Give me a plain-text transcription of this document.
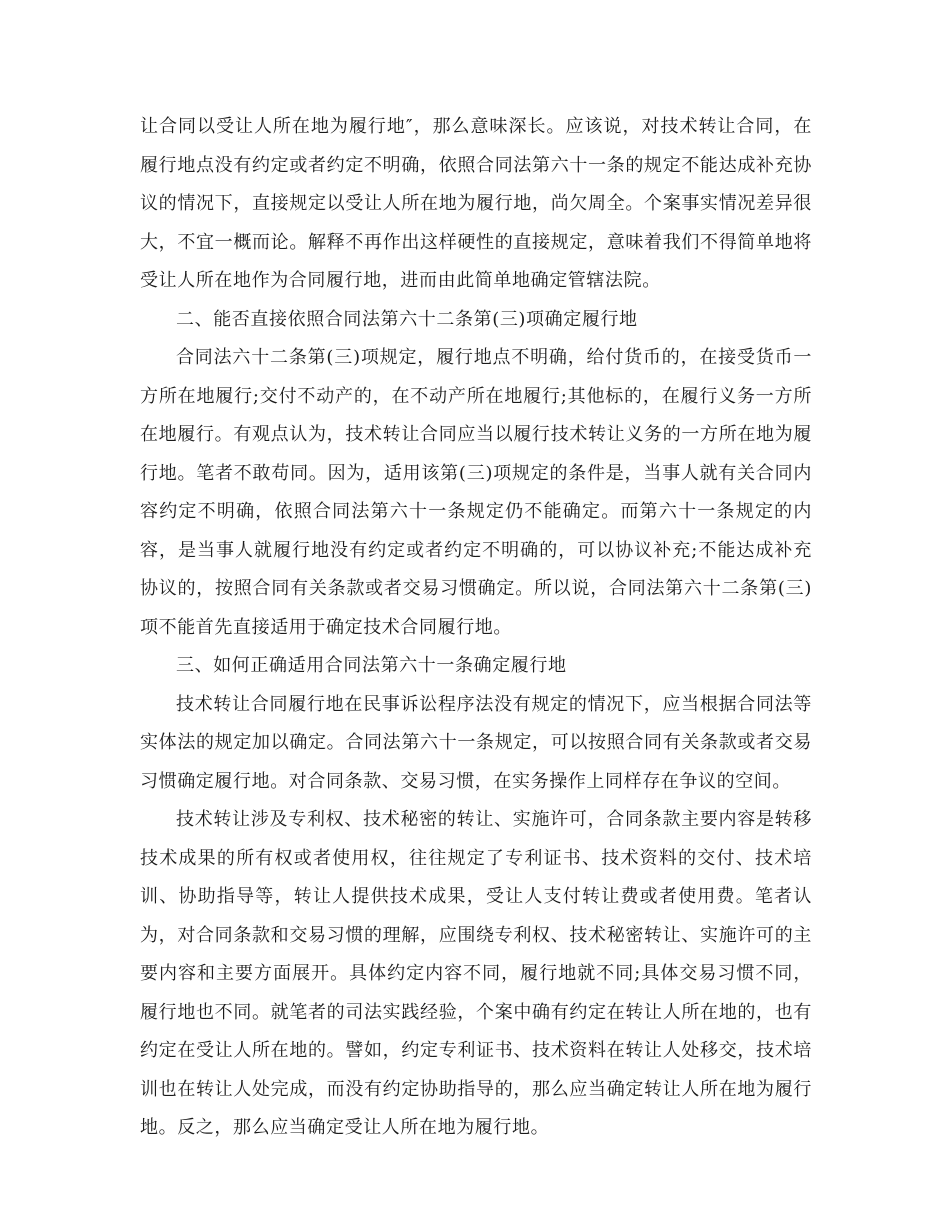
让合同以受让人所在地为履行地″，那么意味深长。应该说，对技术转让合同，在履行地点没有约定或者约定不明确，依照合同法第六十一条的规定不能达成补充协议的情况下，直接规定以受让人所在地为履行地，尚欠周全。个案事实情况差异很大，不宜一概而论。解释不再作出这样硬性的直接规定，意味着我们不得简单地将受让人所在地作为合同履行地，进而由此简单地确定管辖法院。

二、能否直接依照合同法第六十二条第(三)项确定履行地

合同法六十二条第(三)项规定，履行地点不明确，给付货币的，在接受货币一方所在地履行;交付不动产的，在不动产所在地履行;其他标的，在履行义务一方所在地履行。有观点认为，技术转让合同应当以履行技术转让义务的一方所在地为履行地。笔者不敢苟同。因为，适用该第(三)项规定的条件是，当事人就有关合同内容约定不明确，依照合同法第六十一条规定仍不能确定。而第六十一条规定的内容，是当事人就履行地没有约定或者约定不明确的，可以协议补充;不能达成补充协议的，按照合同有关条款或者交易习惯确定。所以说，合同法第六十二条第(三)项不能首先直接适用于确定技术合同履行地。

三、如何正确适用合同法第六十一条确定履行地

技术转让合同履行地在民事诉讼程序法没有规定的情况下，应当根据合同法等实体法的规定加以确定。合同法第六十一条规定，可以按照合同有关条款或者交易习惯确定履行地。对合同条款、交易习惯，在实务操作上同样存在争议的空间。

技术转让涉及专利权、技术秘密的转让、实施许可，合同条款主要内容是转移技术成果的所有权或者使用权，往往规定了专利证书、技术资料的交付、技术培训、协助指导等，转让人提供技术成果，受让人支付转让费或者使用费。笔者认为，对合同条款和交易习惯的理解，应围绕专利权、技术秘密转让、实施许可的主要内容和主要方面展开。具体约定内容不同，履行地就不同;具体交易习惯不同，履行地也不同。就笔者的司法实践经验，个案中确有约定在转让人所在地的，也有约定在受让人所在地的。譬如，约定专利证书、技术资料在转让人处移交，技术培训也在转让人处完成，而没有约定协助指导的，那么应当确定转让人所在地为履行地。反之，那么应当确定受让人所在地为履行地。
